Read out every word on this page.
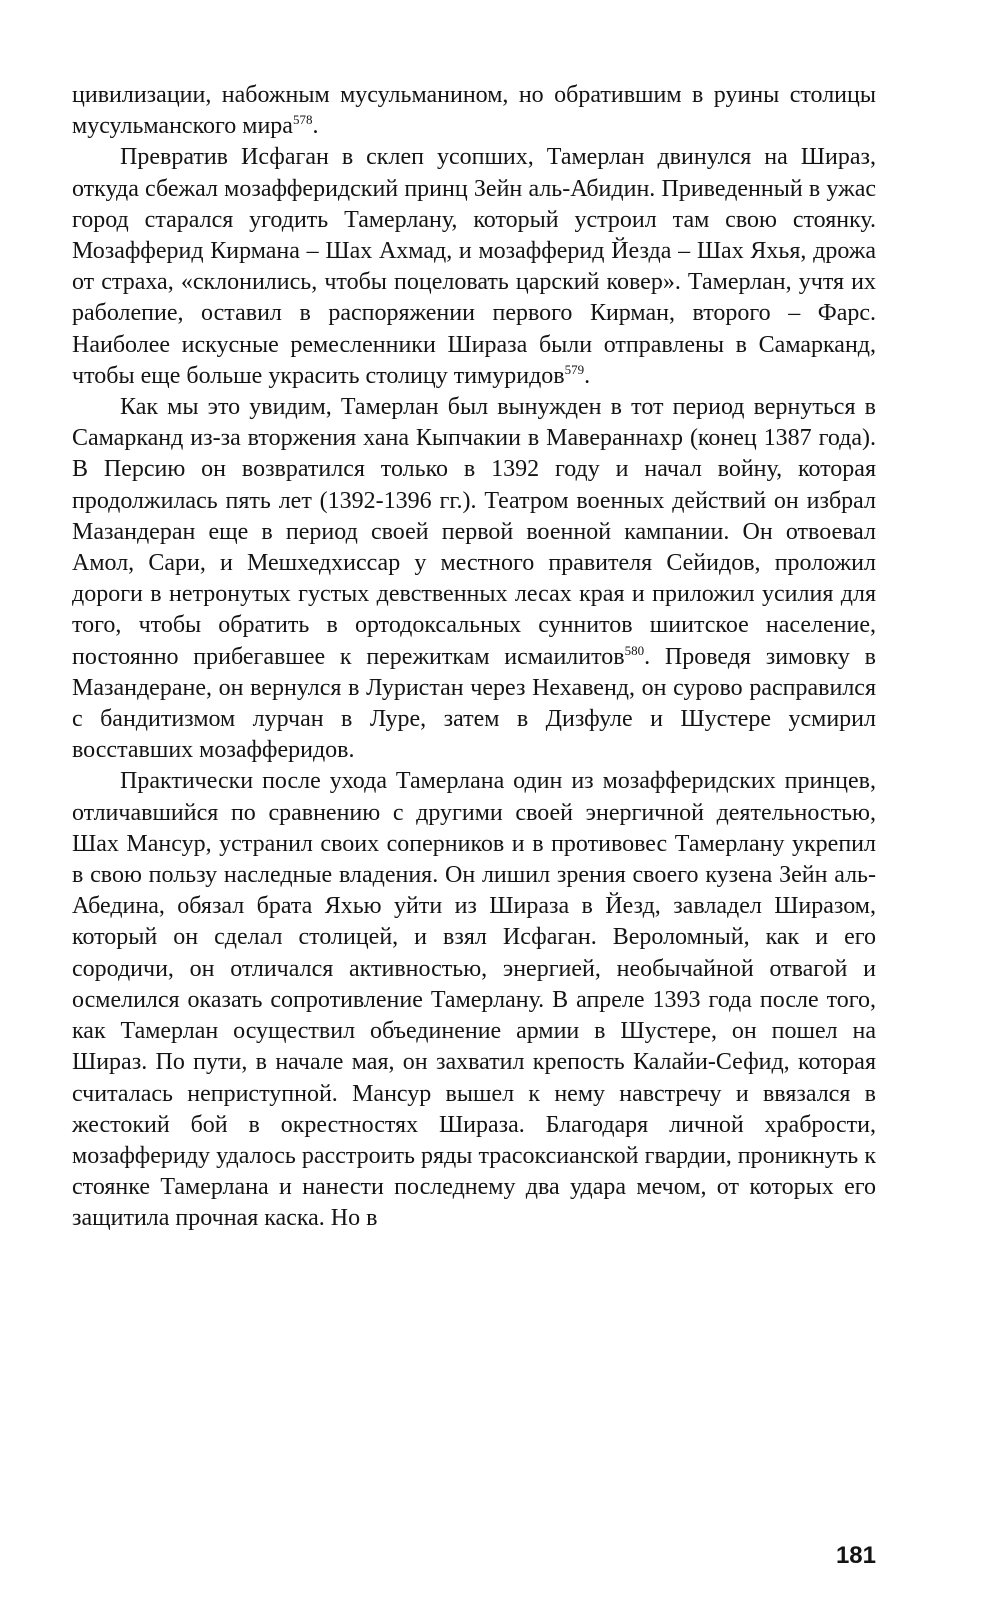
цивилизации, набожным мусульманином, но обратившим в руины столицы мусульманского мира$^{578}$.

Превратив Исфаган в склеп усопших, Тамерлан двинулся на Шираз, откуда сбежал мозафферидский принц Зейн аль-Абидин. Приведенный в ужас город старался угодить Тамерлану, который устроил там свою стоянку. Мозафферид Кирмана – Шах Ахмад, и мозафферид Йезда – Шах Яхья, дрожа от страха, «склонились, чтобы поцеловать царский ковер». Тамерлан, учтя их раболепие, оставил в распоряжении первого Кирман, второго – Фарс. Наиболее искусные ремесленники Шираза были отправлены в Самарканд, чтобы еще больше украсить столицу тимуридов$^{579}$.

Как мы это увидим, Тамерлан был вынужден в тот период вернуться в Самарканд из-за вторжения хана Кыпчакии в Мавераннахр (конец 1387 года). В Персию он возвратился только в 1392 году и начал войну, которая продолжилась пять лет (1392-1396 гг.). Театром военных действий он избрал Мазандеран еще в период своей первой военной кампании. Он отвоевал Амол, Сари, и Мешхедхиссар у местного правителя Сейидов, проложил дороги в нетронутых густых девственных лесах края и приложил усилия для того, чтобы обратить в ортодоксальных суннитов шиитское население, постоянно прибегавшее к пережиткам исмаилитов$^{580}$. Проведя зимовку в Мазандеране, он вернулся в Луристан через Нехавенд, он сурово расправился с бандитизмом лурчан в Луре, затем в Дизфуле и Шустере усмирил восставших мозафферидов.

Практически после ухода Тамерлана один из мозафферидских принцев, отличавшийся по сравнению с другими своей энергичной деятельностью, Шах Мансур, устранил своих соперников и в противовес Тамерлану укрепил в свою пользу наследные владения. Он лишил зрения своего кузена Зейн аль-Абедина, обязал брата Яхью уйти из Шираза в Йезд, завладел Ширазом, который он сделал столицей, и взял Исфаган. Вероломный, как и его сородичи, он отличался активностью, энергией, необычайной отвагой и осмелился оказать сопротивление Тамерлану. В апреле 1393 года после того, как Тамерлан осуществил объединение армии в Шустере, он пошел на Шираз. По пути, в начале мая, он захватил крепость Калайи-Сефид, которая считалась неприступной. Мансур вышел к нему навстречу и ввязался в жестокий бой в окрестностях Шираза. Благодаря личной храбрости, мозаффериду удалось расстроить ряды трасоксианской гвардии, проникнуть к стоянке Тамерлана и нанести последнему два удара мечом, от которых его защитила прочная каска. Но в

181
